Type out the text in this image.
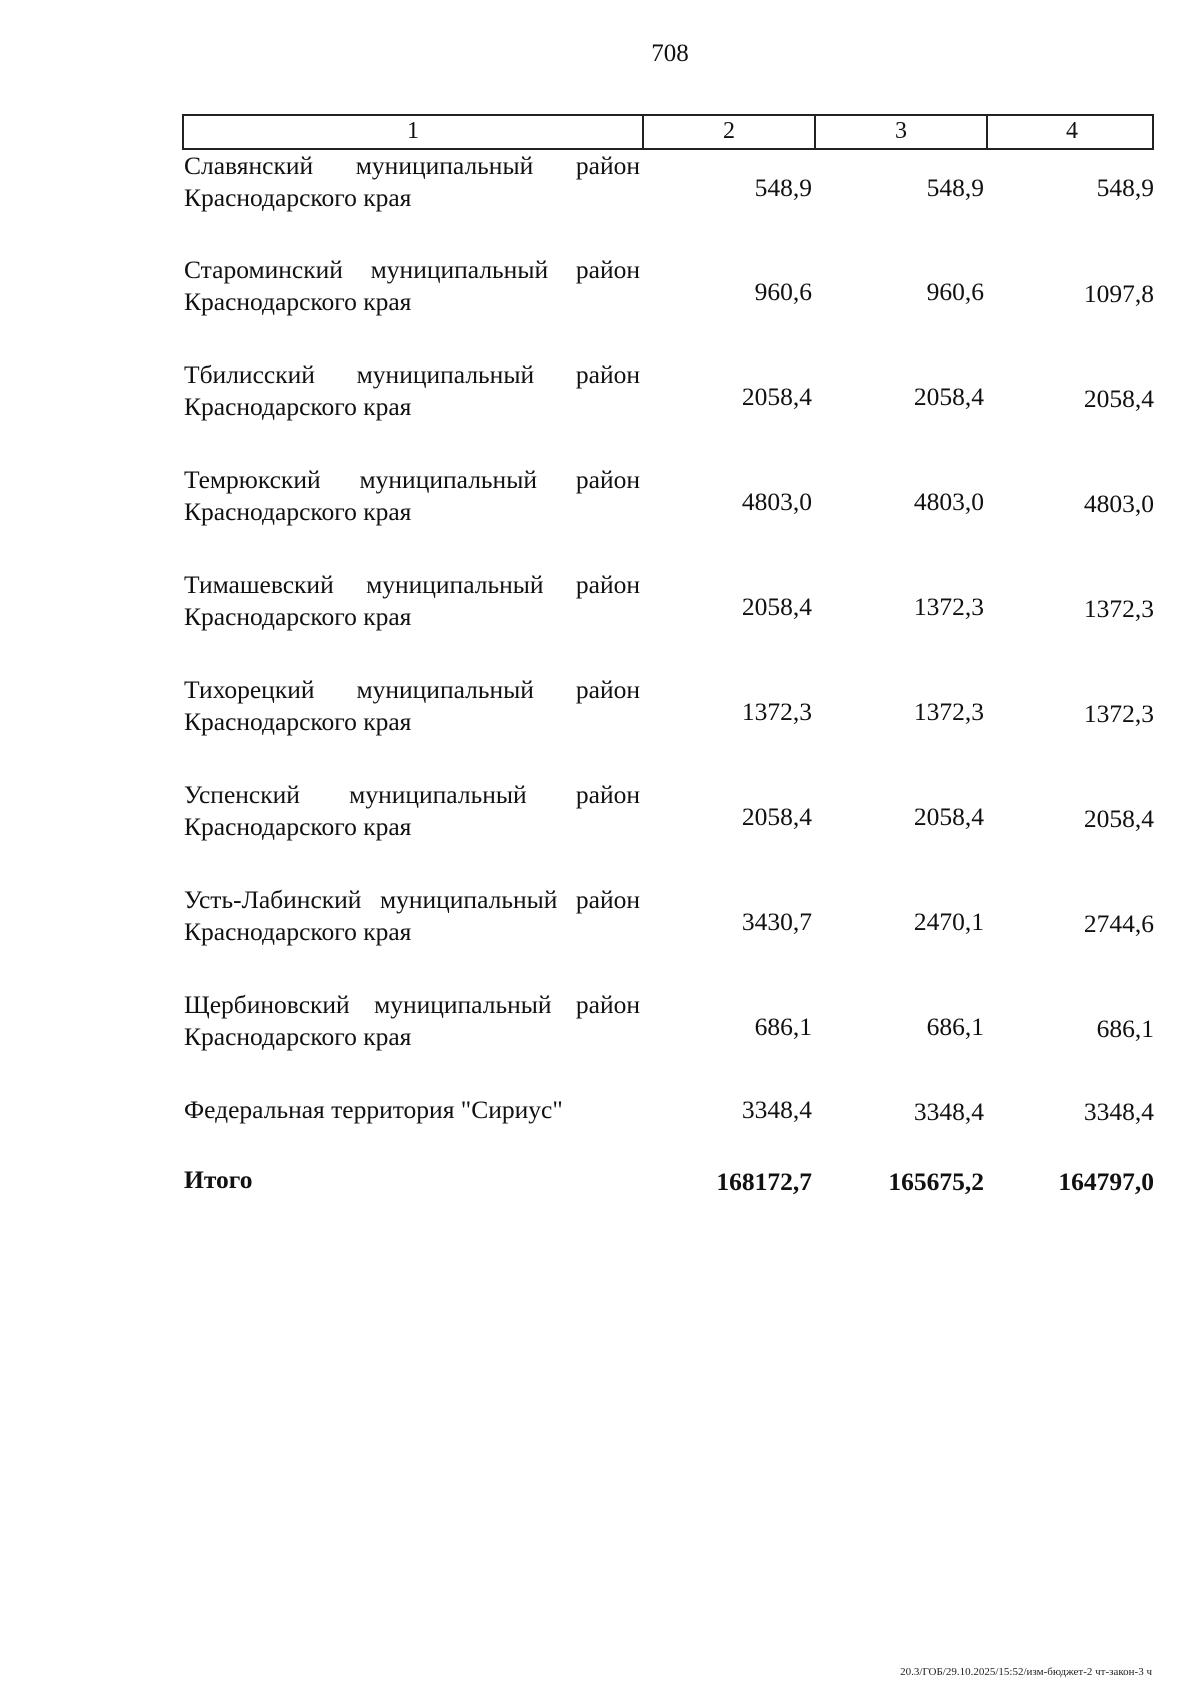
708
1	2	3	4
Славянский муниципальный район Краснодарского края	548,9	548,9	548,9
Староминский муниципальный район Краснодарского края	960,6	960,6	1097,8
Тбилисский муниципальный район Краснодарского края	2058,4	2058,4	2058,4
Темрюкский муниципальный район Краснодарского края	4803,0	4803,0	4803,0
Тимашевский муниципальный район Краснодарского края	2058,4	1372,3	1372,3
Тихорецкий муниципальный район Краснодарского края	1372,3	1372,3	1372,3
Успенский муниципальный район Краснодарского края	2058,4	2058,4	2058,4
Усть-Лабинский муниципальный район Краснодарского края	3430,7	2470,1	2744,6
Щербиновский муниципальный район Краснодарского края	686,1	686,1	686,1
Федеральная территория "Сириус"	3348,4	3348,4	3348,4
Итого	168172,7	165675,2	164797,0
20.3/ГОБ/29.10.2025/15:52/изм-бюджет-2 чт-закон-3 ч
